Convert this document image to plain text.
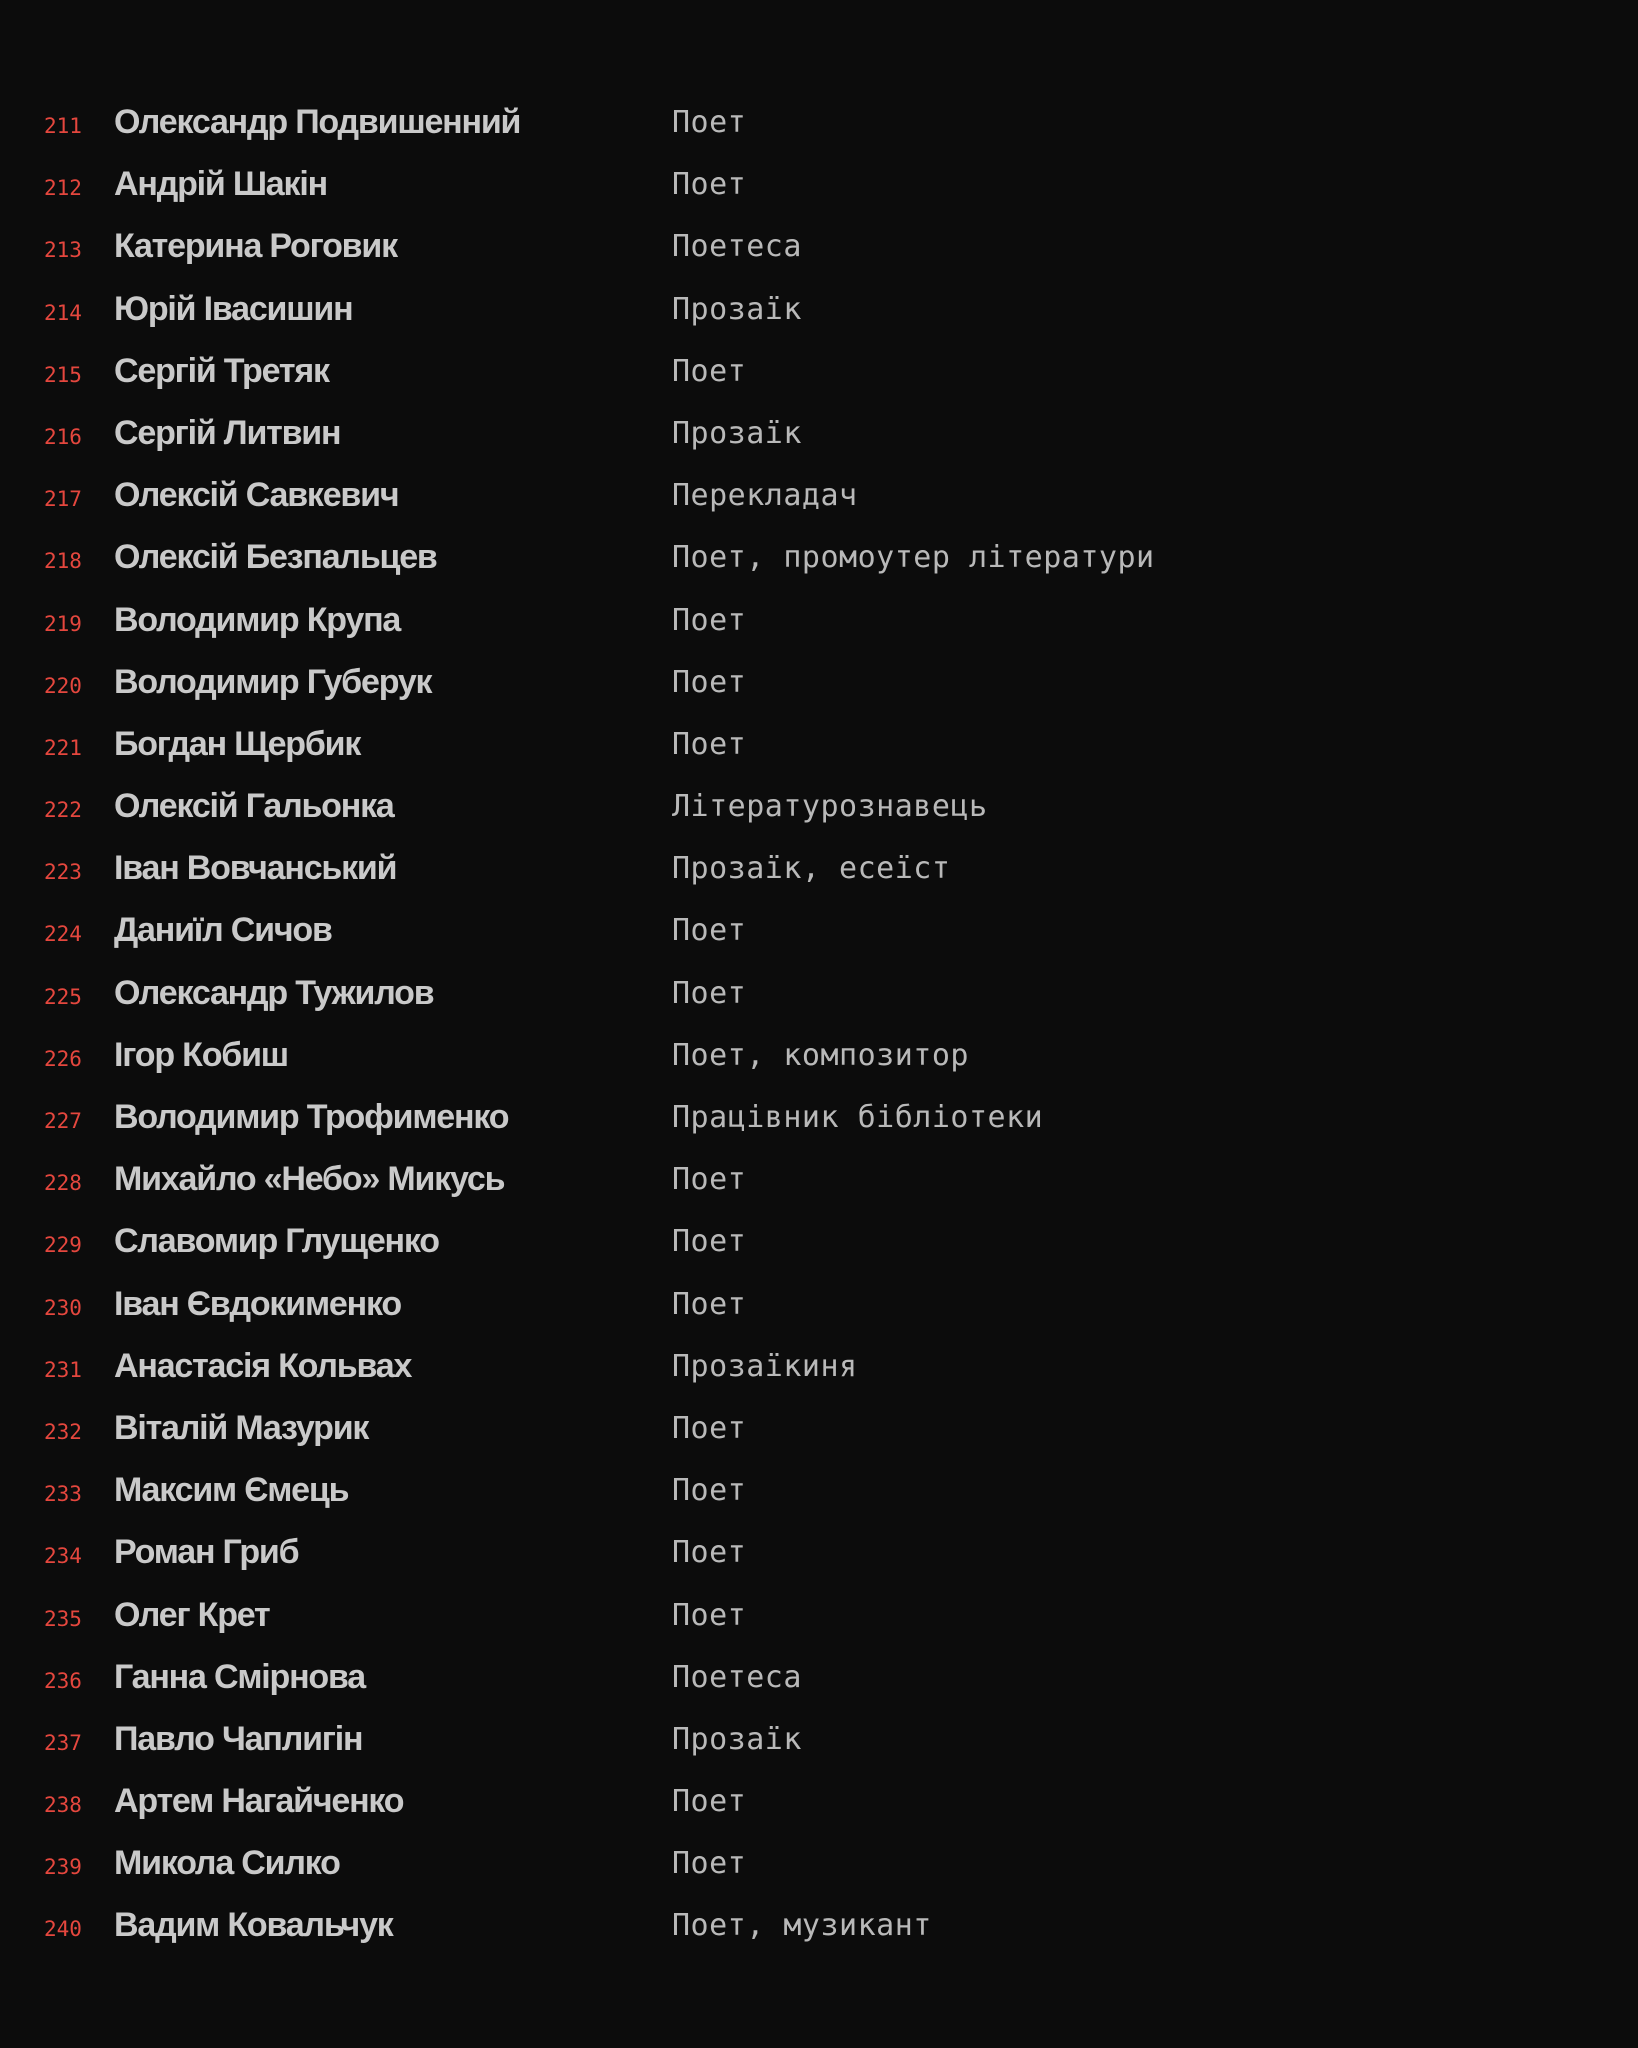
211 Олександр Подвишенний	Поет
212 Андрій Шакін	Поет
213 Катерина Роговик	Поетеса
214 Юрій Івасишин	Прозаїк
215 Сергій Третяк	Поет
216 Сергій Литвин	Прозаїк
217 Олексій Савкевич	Перекладач
218 Олексій Безпальцев	Поет, промоутер літератури
219 Володимир Крупа	Поет
220 Володимир Губерук	Поет
221 Богдан Щербик	Поет
222 Олексій Гальонка	Літературознавець
223 Іван Вовчанський	Прозаїк, есеїст
224 Даниїл Сичов	Поет
225 Олександр Тужилов	Поет
226 Ігор Кобиш	Поет, композитор
227 Володимир Трофименко	Працівник бібліотеки
228 Михайло «Небо» Микусь	Поет
229 Славомир Глущенко	Поет
230 Іван Євдокименко	Поет
231 Анастасія Кольвах	Прозаїкиня
232 Віталій Мазурик	Поет
233 Максим Ємець	Поет
234 Роман Гриб	Поет
235 Олег Крет	Поет
236 Ганна Смірнова	Поетеса
237 Павло Чаплигін	Прозаїк
238 Артем Нагайченко	Поет
239 Микола Силко	Поет
240 Вадим Ковальчук	Поет, музикант
